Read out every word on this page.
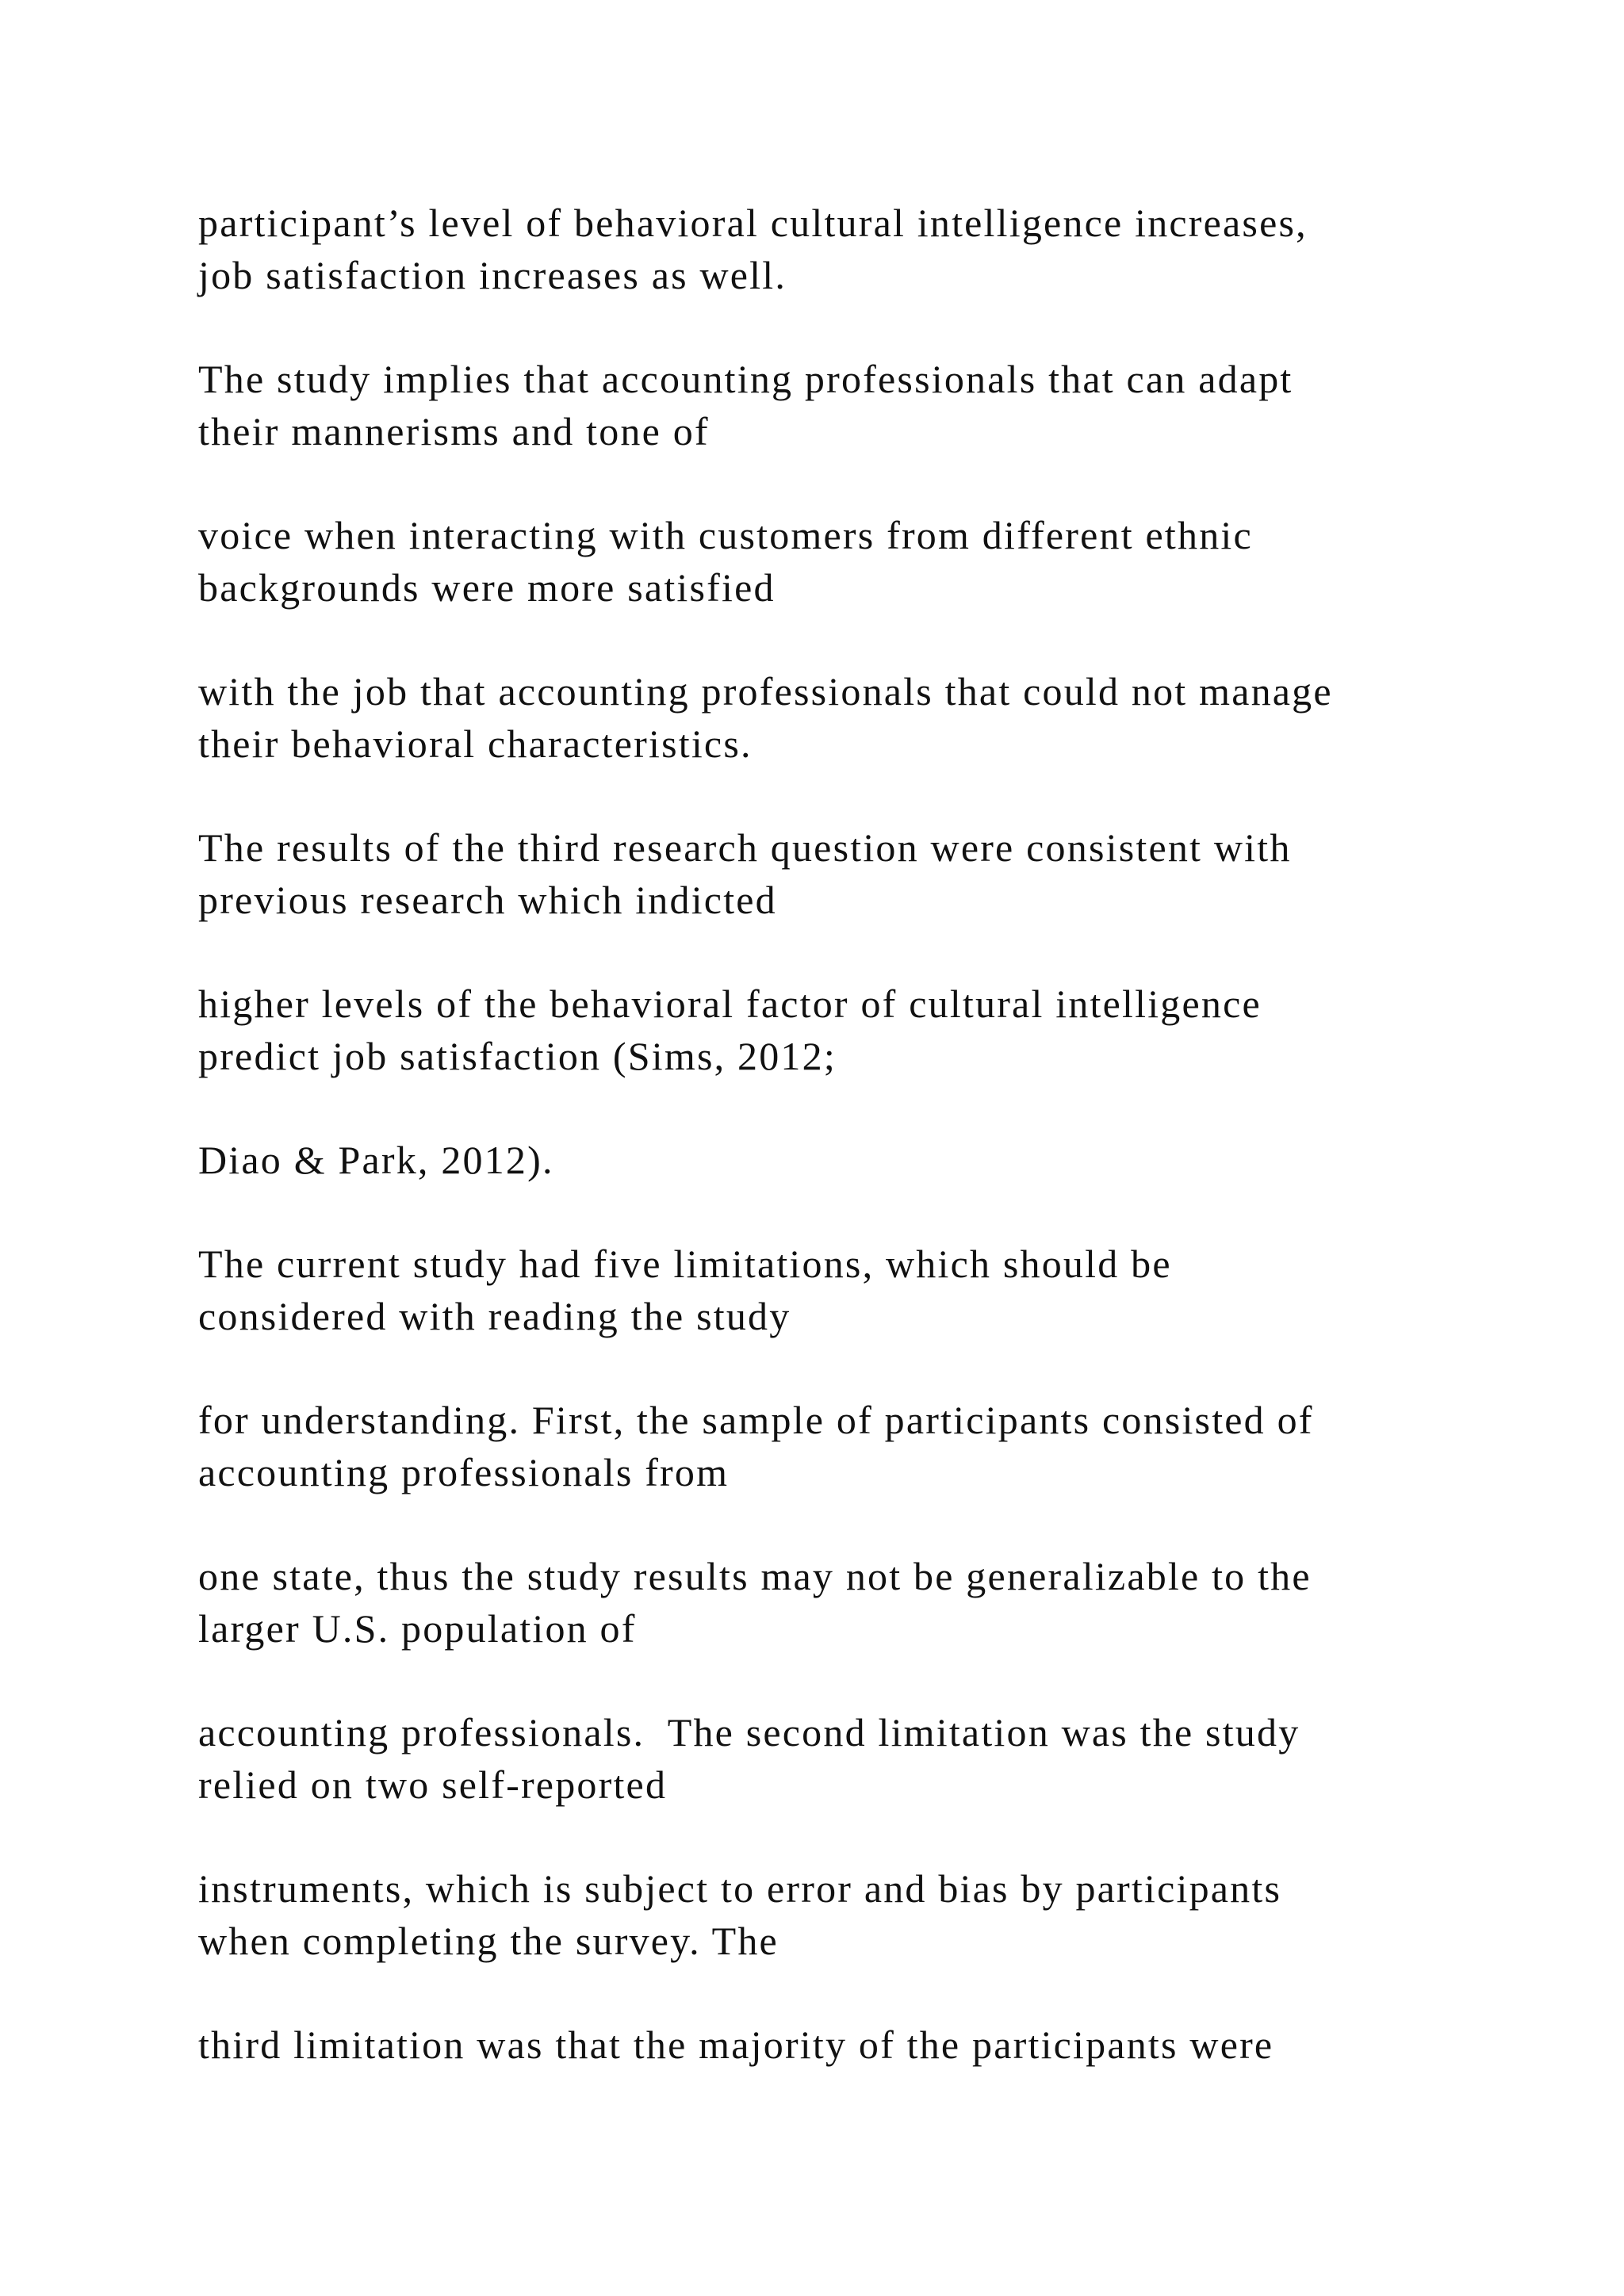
participant’s level of behavioral cultural intelligence increases,
job satisfaction increases as well.

The study implies that accounting professionals that can adapt
their mannerisms and tone of

voice when interacting with customers from different ethnic
backgrounds were more satisfied

with the job that accounting professionals that could not manage
their behavioral characteristics.

The results of the third research question were consistent with
previous research which indicted

higher levels of the behavioral factor of cultural intelligence
predict job satisfaction (Sims, 2012;

Diao & Park, 2012).

The current study had five limitations, which should be
considered with reading the study

for understanding. First, the sample of participants consisted of
accounting professionals from

one state, thus the study results may not be generalizable to the
larger U.S. population of

accounting professionals.  The second limitation was the study
relied on two self-reported

instruments, which is subject to error and bias by participants
when completing the survey. The

third limitation was that the majority of the participants were
